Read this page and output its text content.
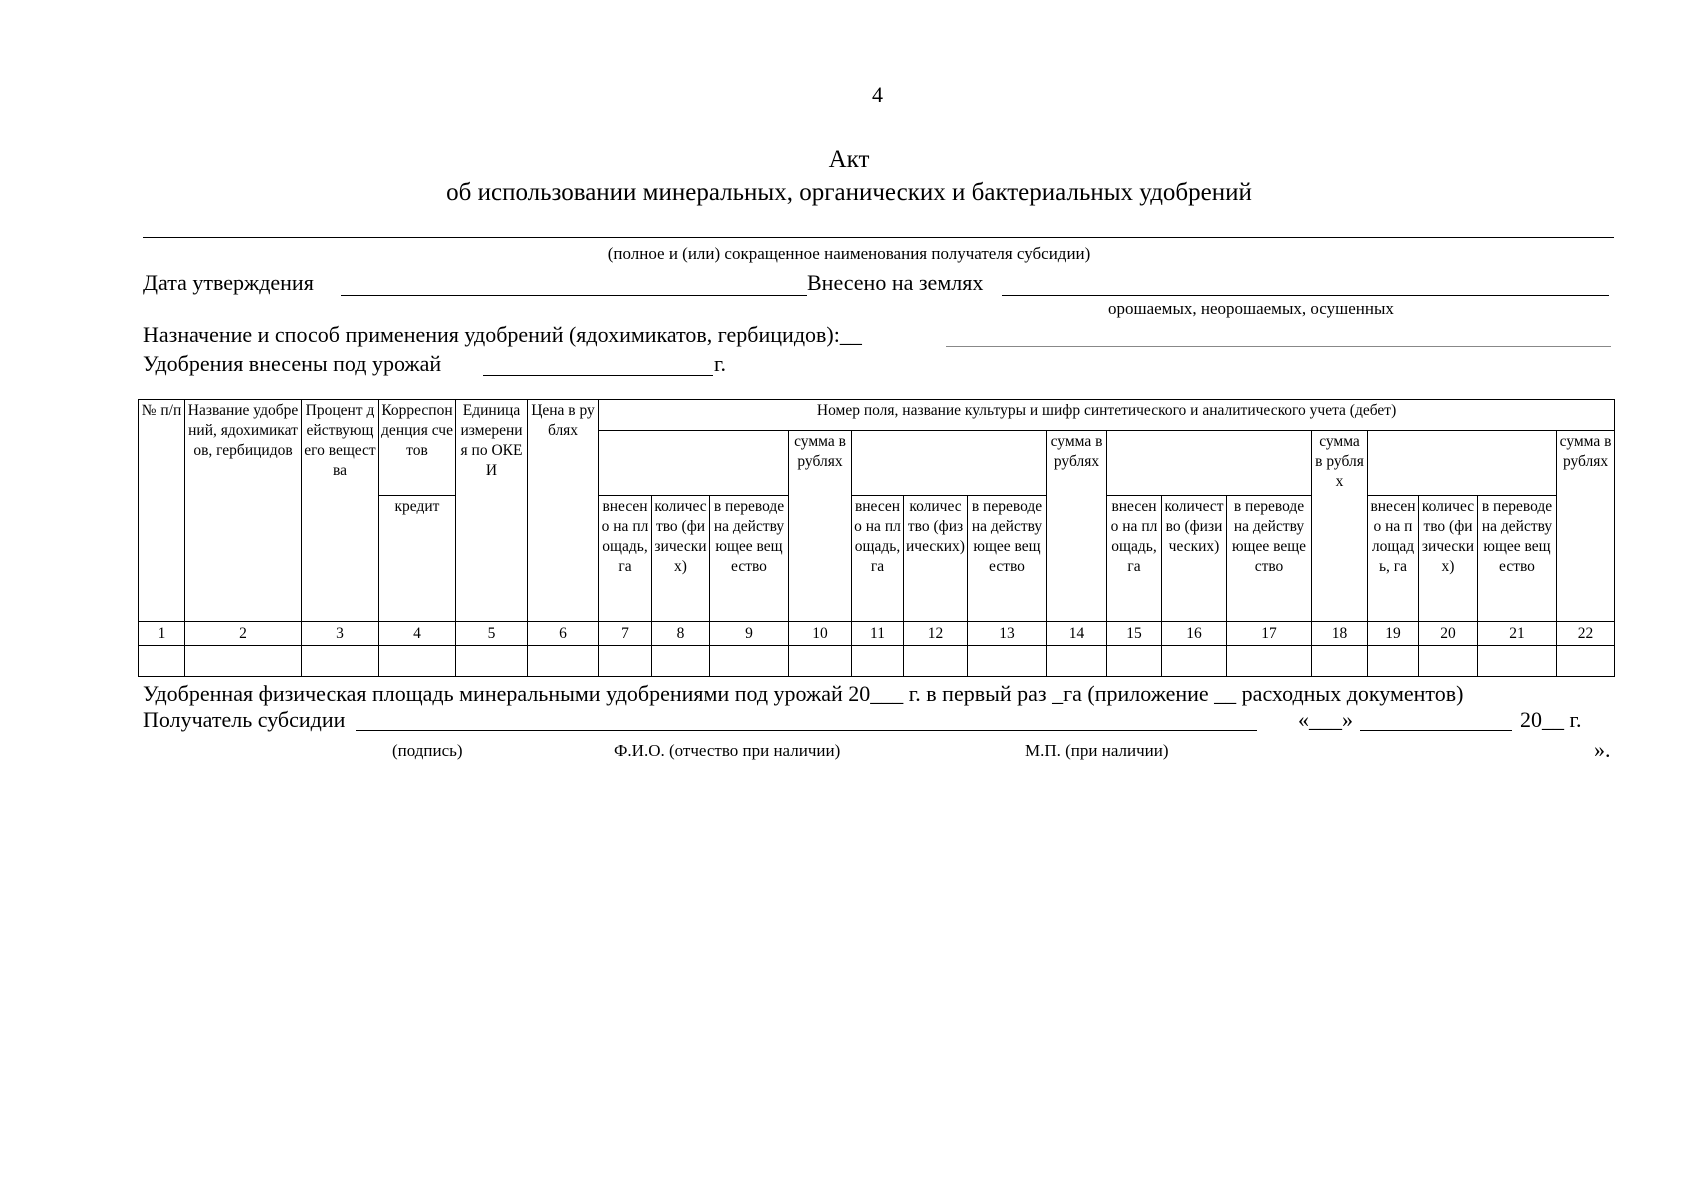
4
Акт
об использовании минеральных, органических и бактериальных удобрений
(полное и (или) сокращенное наименования получателя субсидии)
Дата утверждения	Внесено на землях
орошаемых, неорошаемых, осушенных
Назначение и способ применения удобрений (ядохимикатов, гербицидов):__
Удобрения внесены под урожай	г.
№ п/п	Название удобрений, ядохимикатов, гербицидов	Процент действующего вещества	Корреспонденция счетов	Единица измерения по ОКЕИ	Цена в рублях	Номер поля, название культуры и шифр синтетического и аналитического учета (дебет)															
									сумма в рублях				сумма в рублях				сумма в рублях				сумма в рублях
			кредит			внесено на площадь, га	количество (физических)	в переводе на действующее вещество		внесено на площадь, га	количество (физических)	в переводе на действующее вещество		внесено на площадь, га	количество (физических)	в переводе на действующее вещество		внесено на площадь, га	количество (физических)	в переводе на действующее вещество	
1	2	3	4	5	6	7	8	9	10	11	12	13	14	15	16	17	18	19	20	21	22

Удобренная физическая площадь минеральными удобрениями под урожай 20___ г. в первый раз _га (приложение __ расходных документов)
Получатель субсидии	«___»	20__ г.
(подпись)	Ф.И.О. (отчество при наличии)	М.П. (при наличии)	».
